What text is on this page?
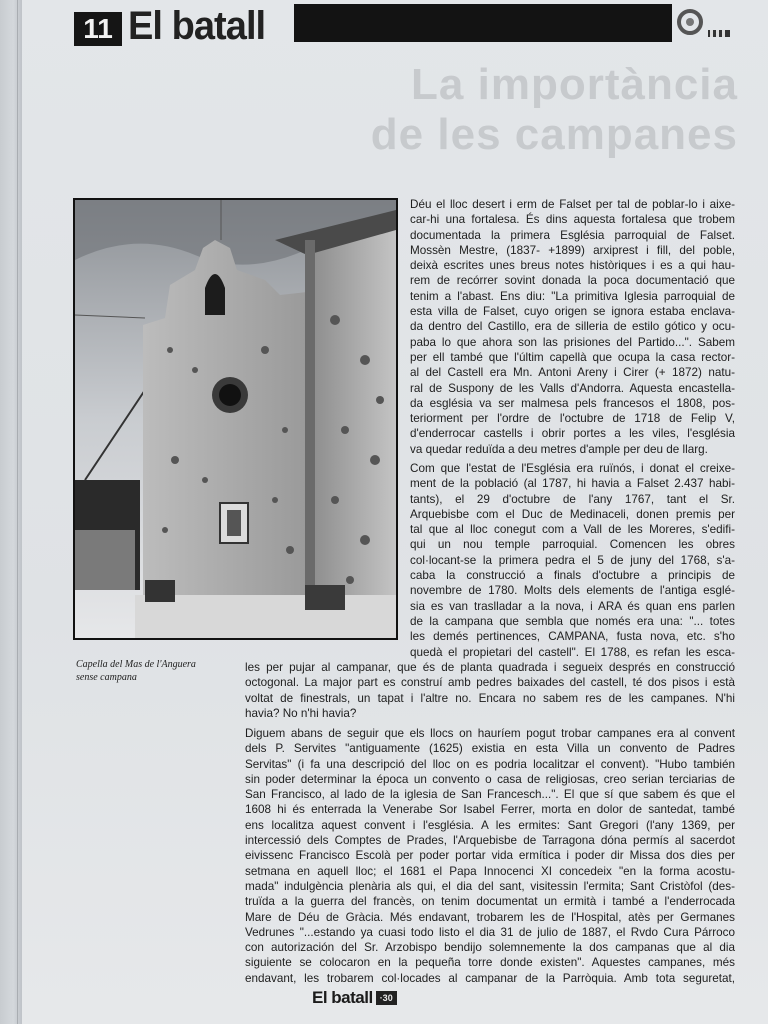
11 El batall
La importància
de les campanes
Capella del Mas de l'Anguera
sense campana
Déu el lloc desert i erm de Falset per tal de poblar-lo i aixe-
car-hi una fortalesa. És dins aquesta fortalesa que trobem
documentada la primera Església parroquial de Falset.
Mossèn Mestre, (1837- +1899) arxiprest i fill, del poble,
deixà escrites unes breus notes històriques i es a qui hau-
rem de recórrer sovint donada la poca documentació que
tenim a l'abast. Ens diu: "La primitiva Iglesia parroquial de
esta villa de Falset, cuyo origen se ignora estaba enclava-
da dentro del Castillo, era de silleria de estilo gótico y ocu-
paba lo que ahora son las prisiones del Partido...". Sabem
per ell també que l'últim capellà que ocupa la casa rector-
al del Castell era Mn. Antoni Areny i Cirer (+ 1872) natu-
ral de Suspony de les Valls d'Andorra. Aquesta encastella-
da església va ser malmesa pels francesos el 1808, pos-
teriorment per l'ordre de l'octubre de 1718 de Felip V,
d'enderrocar castells i obrir portes a les viles, l'església
va quedar reduïda a deu metres d'ample per deu de llarg.
Com que l'estat de l'Església era ruïnós, i donat el creixe-
ment de la població (al 1787, hi havia a Falset 2.437 habi-
tants), el 29 d'octubre de l'any 1767, tant el Sr.
Arquebisbe com el Duc de Medinaceli, donen premis per
tal que al lloc conegut com a Vall de les Moreres, s'edifi-
qui un nou temple parroquial. Comencen les obres
col·locant-se la primera pedra el 5 de juny del 1768, s'a-
caba la construcció a finals d'octubre a principis de
novembre de 1780. Molts dels elements de l'antiga esglé-
sia es van traslladar a la nova, i ARA és quan ens parlen
de la campana que sembla que només era una: "... totes
les demés pertinences, CAMPANA, fusta nova, etc. s'ho
quedà el propietari del castell". El 1788, es refan les esca-
les per pujar al campanar, que és de planta quadrada i segueix després en construcció
octogonal. La major part es construí amb pedres baixades del castell, té dos pisos i està
voltat de finestrals, un tapat i l'altre no. Encara no sabem res de les campanes. N'hi
havia? No n'hi havia?
Diguem abans de seguir que els llocs on hauríem pogut trobar campanes era al convent
dels P. Servites "antiguamente (1625) existia en esta Villa un convento de Padres
Servitas" (i fa una descripció del lloc on es podria localitzar el convent). "Hubo también
sin poder determinar la época un convento o casa de religiosas, creo serian terciarias de
San Francisco, al lado de la iglesia de San Francesch...". El que sí que sabem és que el
1608 hi és enterrada la Venerabe Sor Isabel Ferrer, morta en dolor de santedat, també
ens localitza aquest convent i l'església. A les ermites: Sant Gregori (l'any 1369, per
intercessió dels Comptes de Prades, l'Arquebisbe de Tarragona dóna permís al sacerdot
eivissenc Francisco Escolà per poder portar vida ermítica i poder dir Missa dos dies per
setmana en aquell lloc; el 1681 el Papa Innocenci XI concedeix "en la forma acostu-
mada" indulgència plenària als qui, el dia del sant, visitessin l'ermita; Sant Cristòfol (des-
truïda a la guerra del francès, on tenim documentat un ermità i també a l'enderrocada
Mare de Déu de Gràcia. Més endavant, trobarem les de l'Hospital, atès per Germanes
Vedrunes "...estando ya cuasi todo listo el dia 31 de julio de 1887, el Rvdo Cura Párroco
con autorización del Sr. Arzobispo bendijo solemnemente la dos campanas que al dia
siguiente se colocaron en la pequeña torre donde existen". Aquestes campanes, més
endavant, les trobarem col·locades al campanar de la Parròquia. Amb tota seguretat,
El batall ·30
